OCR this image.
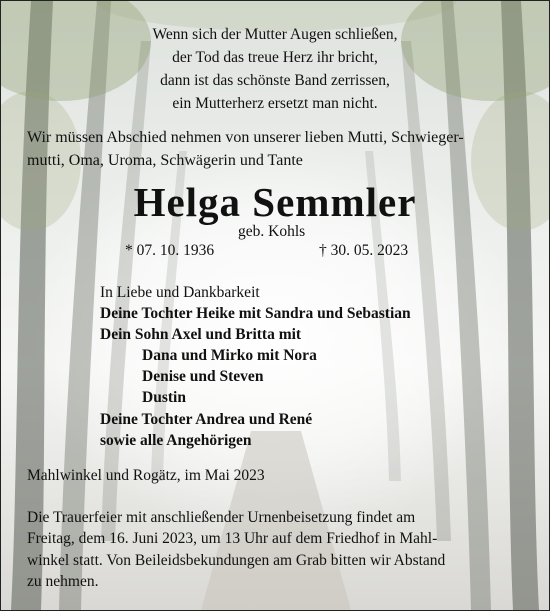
Wenn sich der Mutter Augen schließen,
der Tod das treue Herz ihr bricht,
dann ist das schönste Band zerrissen,
ein Mutterherz ersetzt man nicht.
Wir müssen Abschied nehmen von unserer lieben Mutti, Schwieger-
mutti, Oma, Uroma, Schwägerin und Tante
Helga Semmler
geb. Kohls
* 07. 10. 1936	† 30. 05. 2023
In Liebe und Dankbarkeit
Deine Tochter Heike mit Sandra und Sebastian
Dein Sohn Axel und Britta mit
Dana und Mirko mit Nora
Denise und Steven
Dustin
Deine Tochter Andrea und René
sowie alle Angehörigen
Mahlwinkel und Rogätz, im Mai 2023
Die Trauerfeier mit anschließender Urnenbeisetzung findet am
Freitag, dem 16. Juni 2023, um 13 Uhr auf dem Friedhof in Mahl-
winkel statt. Von Beileidsbekundungen am Grab bitten wir Abstand
zu nehmen.
